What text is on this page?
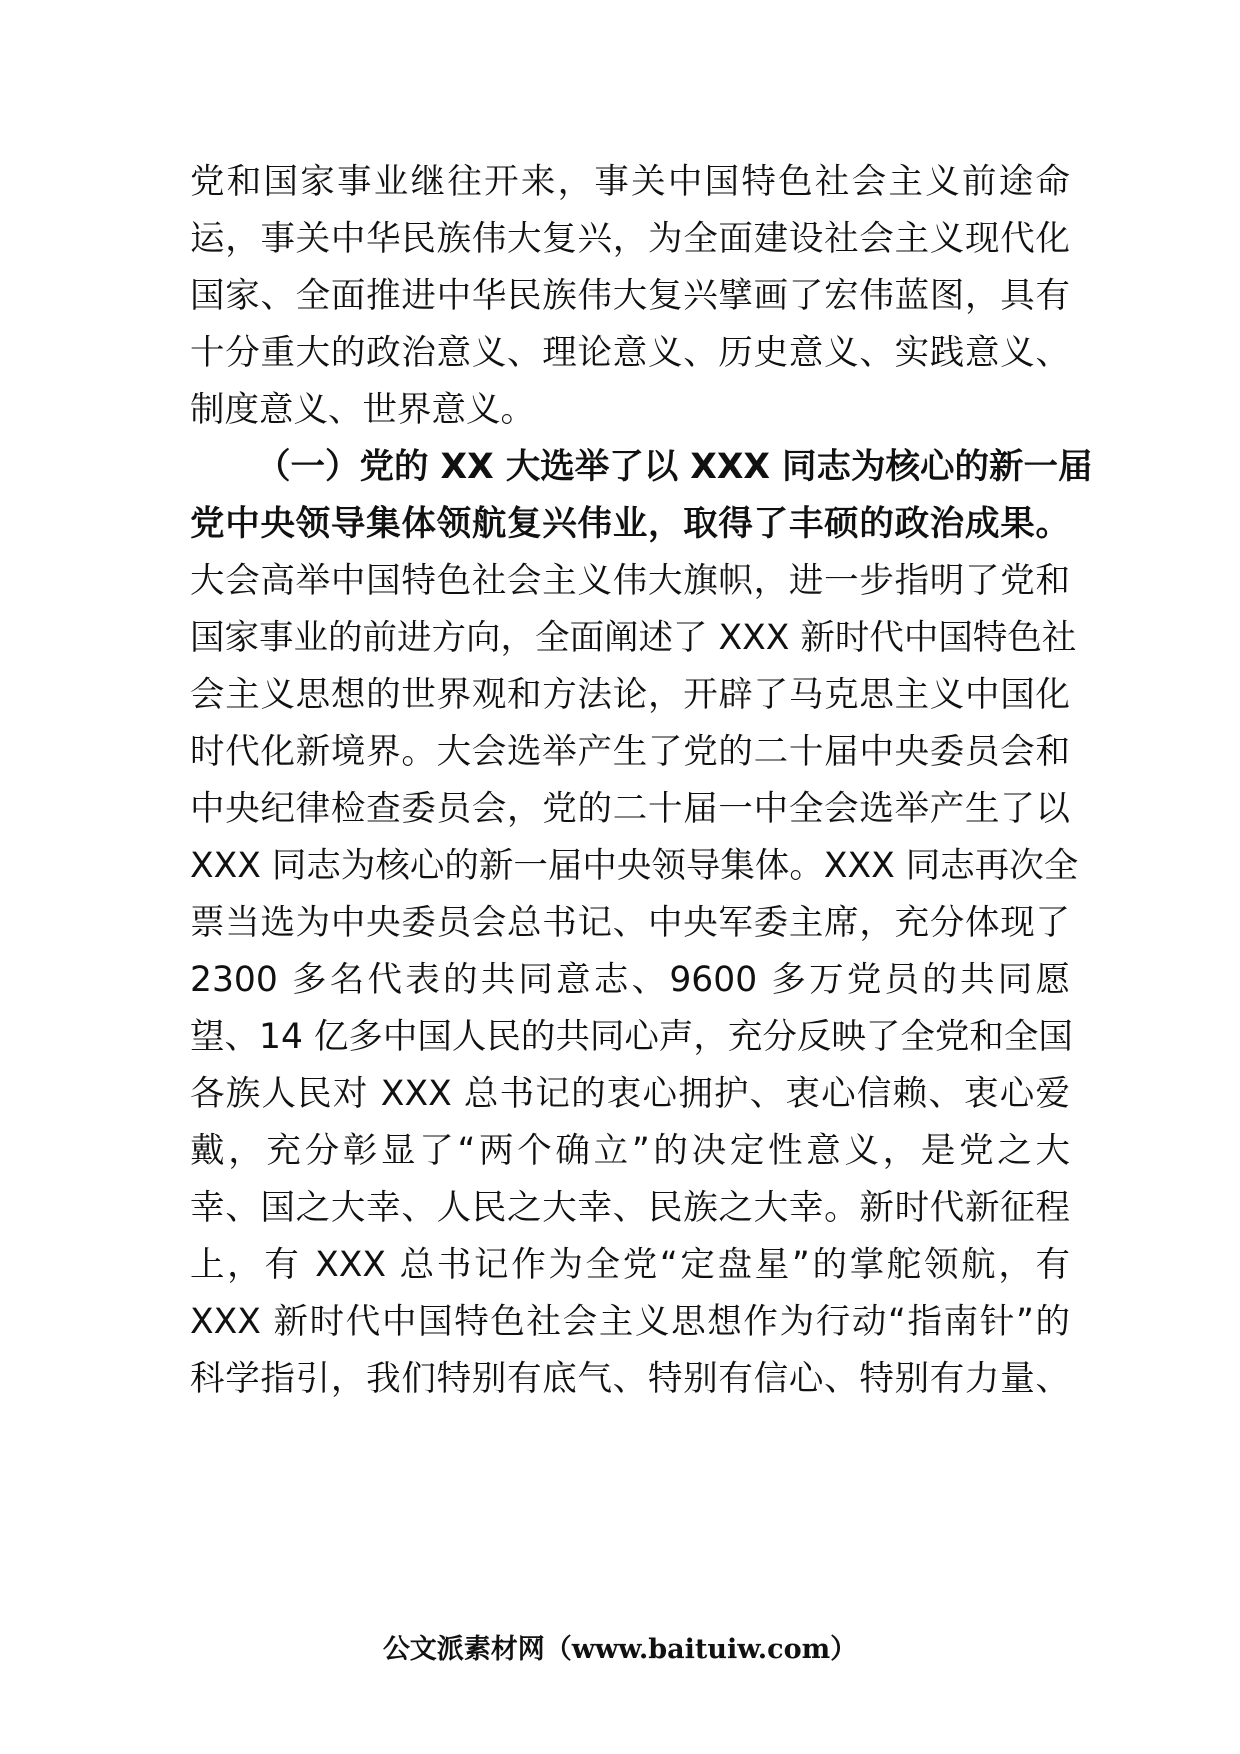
党和国家事业继往开来，事关中国特色社会主义前途命
运，事关中华民族伟大复兴，为全面建设社会主义现代化
国家、全面推进中华民族伟大复兴擘画了宏伟蓝图，具有
十分重大的政治意义、理论意义、历史意义、实践意义、
制度意义、世界意义。
（一）党的 XX 大选举了以 XXX 同志为核心的新一届
党中央领导集体领航复兴伟业，取得了丰硕的政治成果。
大会高举中国特色社会主义伟大旗帜，进一步指明了党和
国家事业的前进方向，全面阐述了 XXX 新时代中国特色社
会主义思想的世界观和方法论，开辟了马克思主义中国化
时代化新境界。大会选举产生了党的二十届中央委员会和
中央纪律检查委员会，党的二十届一中全会选举产生了以
XXX 同志为核心的新一届中央领导集体。XXX 同志再次全
票当选为中央委员会总书记、中央军委主席，充分体现了
2300 多名代表的共同意志、9600 多万党员的共同愿
望、14 亿多中国人民的共同心声，充分反映了全党和全国
各族人民对 XXX 总书记的衷心拥护、衷心信赖、衷心爱
戴，充分彰显了“两个确立”的决定性意义，是党之大
幸、国之大幸、人民之大幸、民族之大幸。新时代新征程
上，有 XXX 总书记作为全党“定盘星”的掌舵领航，有
XXX 新时代中国特色社会主义思想作为行动“指南针”的
科学指引，我们特别有底气、特别有信心、特别有力量、
公文派素材网（www.baituiw.com）
